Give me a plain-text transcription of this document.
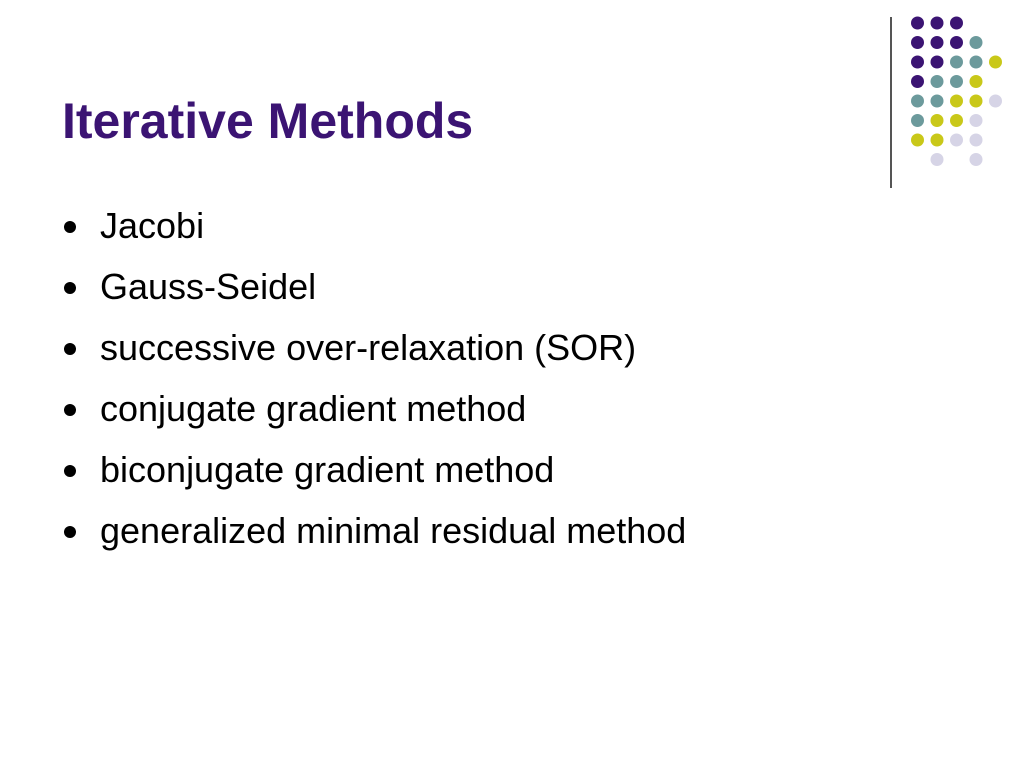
Iterative Methods
Jacobi
Gauss-Seidel
successive over-relaxation (SOR)
conjugate gradient method
biconjugate gradient method
generalized minimal residual method
